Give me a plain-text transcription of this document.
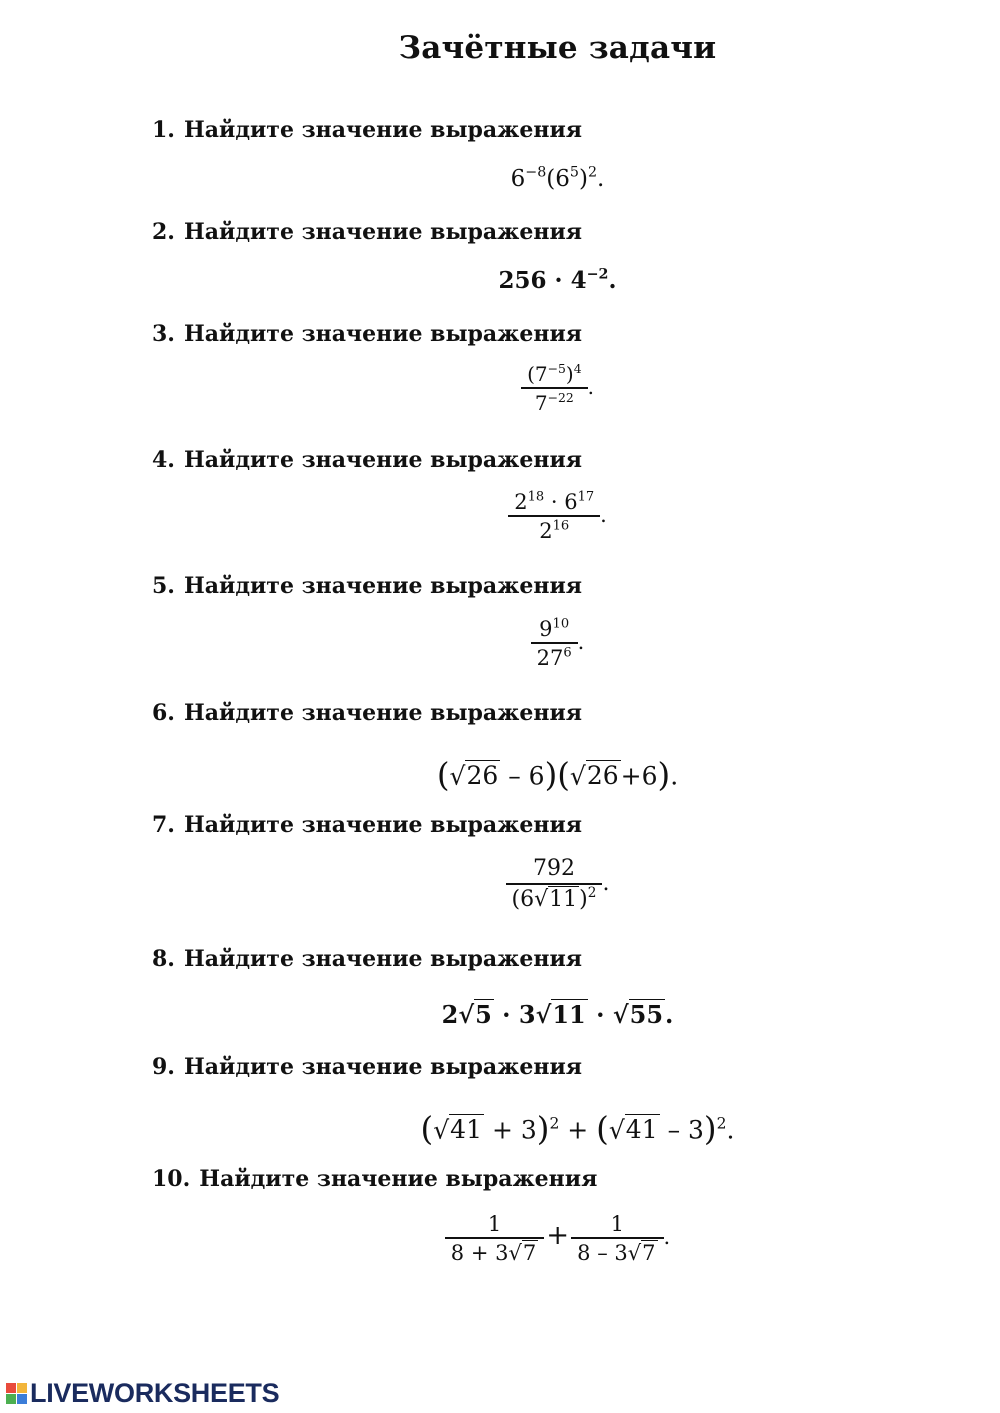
Зачётные задачи
1. Найдите значение выражения
$6^{-8}(6^5)^2$.
2. Найдите значение выражения
$256 \cdot 4^{-2}$.
3. Найдите значение выражения
$\frac{(7^{-5})^4}{7^{-22}}$ .
4. Найдите значение выражения
$\frac{2^{18} \cdot 6^{17}}{2^{16}}$ .
5. Найдите значение выражения
$\frac{9^{10}}{27^6}$ .
6. Найдите значение выражения
(√26 – 6)(√26+6).
7. Найдите значение выражения
$\frac{792}{(6√11)^2}$ .
8. Найдите значение выражения
2√5 · 3√11 · √55.
9. Найдите значение выражения
$(√41 + 3)^2 + (√41 - 3)^2$.
10. Найдите значение выражения
$\frac{1}{8 + 3√7} + \frac{1}{8 - 3√7}$ .
LIVEWORKSHEETS
